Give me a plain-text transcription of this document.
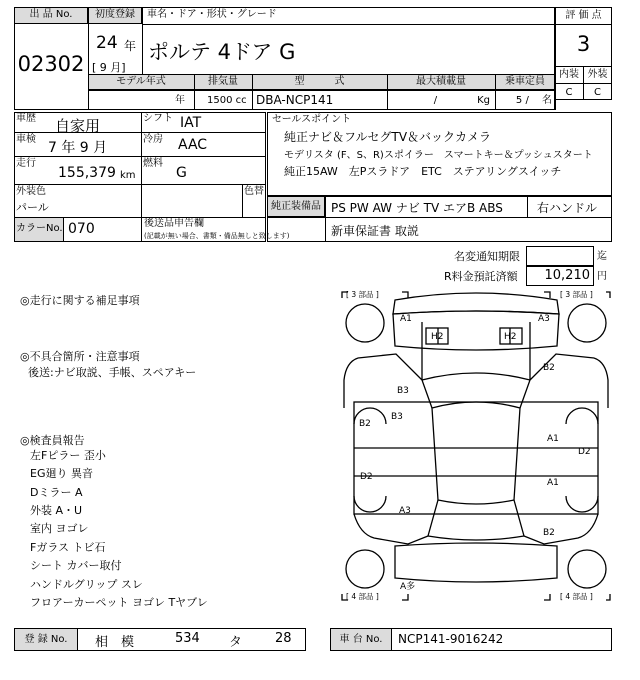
出 品 No.
02302
初度登録
24 年
[ 9 月]
車名・ドア・形状・グレード
ポルテ 4ドア G
評 価 点
3
内装 外装
C	C
モデル年式	排気量	型　　　式	最大積載量	乗車定員
年 1500 cc DBA-NCP141	/　　　　Kg	5 / 　名
車歴 自家用	シフト IAT
車検
7 年 9 月
冷房 AAC
走行
155,379 km
燃料
G
外装色
パール
色替
カラーNo. 070	後送品申告欄
(記載が無い場合、書類・備品無しと致します)
セールスポイント
純正ナビ＆フルセグTV＆バックカメラ
モデリスタ (F、S、R)スポイラー　スマートキー＆プッシュスタート
純正15AW　左Pスラドア　ETC　ステアリングスイッチ
純正装備品 PS PW AW ナビ TV エアB ABS	右ハンドル
新車保証書 取説
名変通知期限	迄
R料金預託済額	10,210 円
◎走行に関する補足事項
◎不具合箇所・注意事項
後送:ナビ取説、手帳、スペアキー
◎検査員報告
左Fピラー 歪小
EG廻り 異音
Dミラー A
外装 A・U
室内 ヨゴレ
Fガラス トビ石
シート カバー取付
ハンドルグリップ スレ
フロアーカーペット ヨゴレ Tヤブレ
[ 3 部品 ]	[ 3 部品 ]
[ 4 部品 ]	[ 4 部品 ]
A1	A3
H2	H2
B3
B2
B2
B3
A1
D2
D2
A1
A3
B2
A多
登 録 No.	相　模	534 タ	28	車 台 No.	NCP141-9016242
